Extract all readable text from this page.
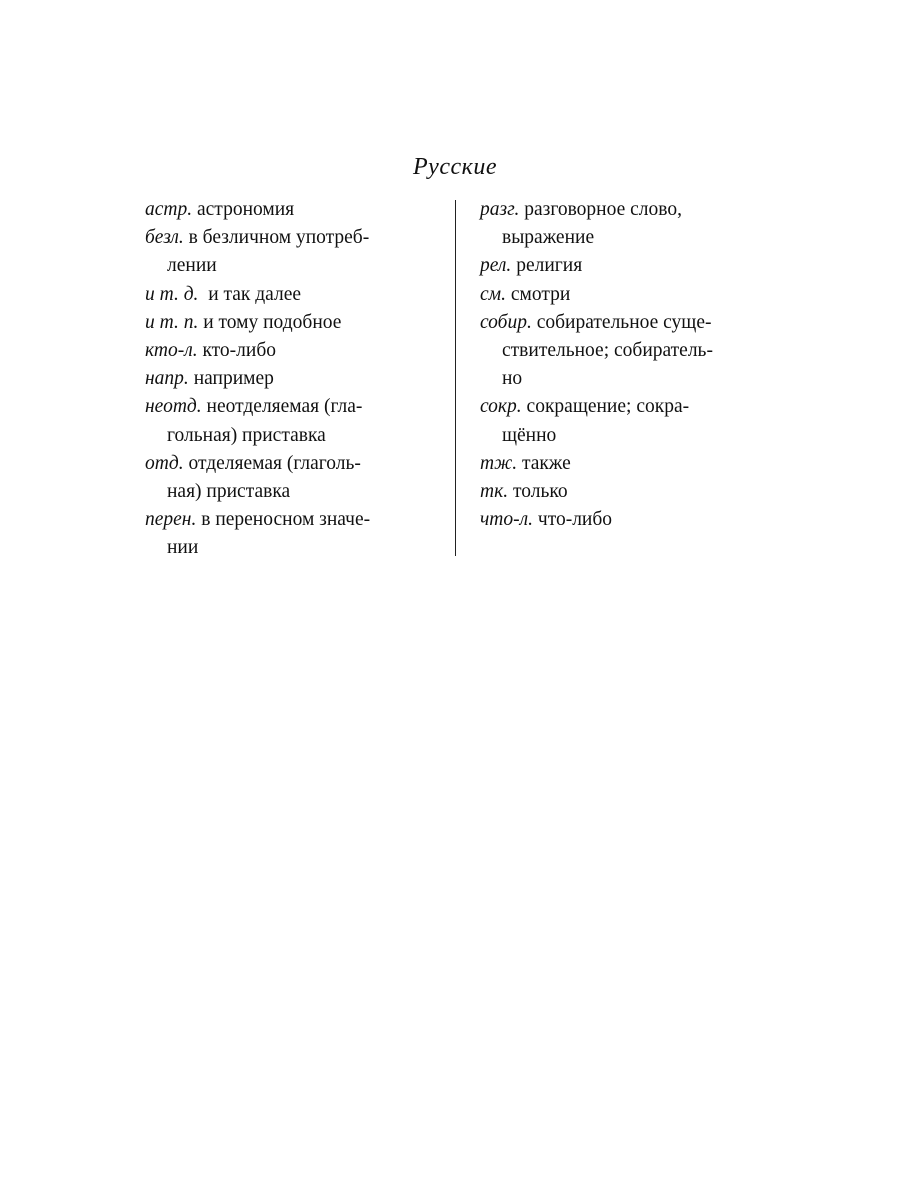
Русские
астр. астрономия
безл. в безличном употреб-
лении
и т. д.  и так далее
и т. п. и тому подобное
кто-л. кто-либо
напр. например
неотд. неотделяемая (гла-
гольная) приставка
отд. отделяемая (глаголь-
ная) приставка
перен. в переносном значе-
нии
разг. разговорное слово,
выражение
рел. религия
см. смотри
собир. собирательное суще-
ствительное; собиратель-
но
сокр. сокращение; сокра-
щённо
тж. также
тк. только
что-л. что-либо
